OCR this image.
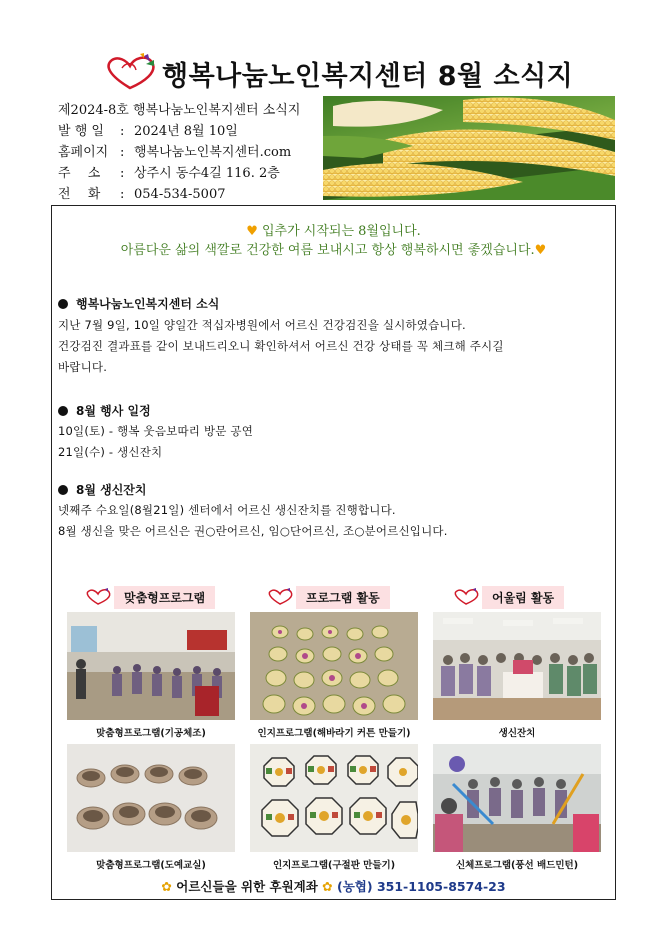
행복나눔노인복지센터 8월 소식지
제2024-8호 행복나눔노인복지센터 소식지
발 행 일	: 2024년 8월 10일
홈페이지 : 행복나눔노인복지센터.com
주　 소	: 상주시 동수4길 116. 2층
전　 화	: 054-534-5007
♥ 입추가 시작되는 8월입니다.
아름다운 삶의 색깔로 건강한 여름 보내시고 항상 행복하시면 좋겠습니다.♥
행복나눔노인복지센터 소식
지난 7월 9일, 10일 양일간 적십자병원에서 어르신 건강검진을 실시하였습니다.
건강검진 결과표를 같이 보내드리오니 확인하셔서 어르신 건강 상태를 꼭 체크해 주시길
바랍니다.
8월 행사 일정
10일(토) - 행복 웃음보따리 방문 공연
21일(수) - 생신잔치
8월 생신잔치
넷째주 수요일(8월21일) 센터에서 어르신 생신잔치를 진행합니다.
8월 생신을 맞은 어르신은 권○란어르신, 임○단어르신, 조○분어르신입니다.
맞춤형프로그램	프로그램 활동	어울림 활동
맞춤형프로그램(기공체조)	인지프로그램(해바라기 커튼 만들기)	생신잔치
맞춤형프로그램(도예교실)	인지프로그램(구절판 만들기)	신체프로그램(풍선 배드민턴)
✿ 어르신들을 위한 후원계좌 ✿ (농협) 351-1105-8574-23
